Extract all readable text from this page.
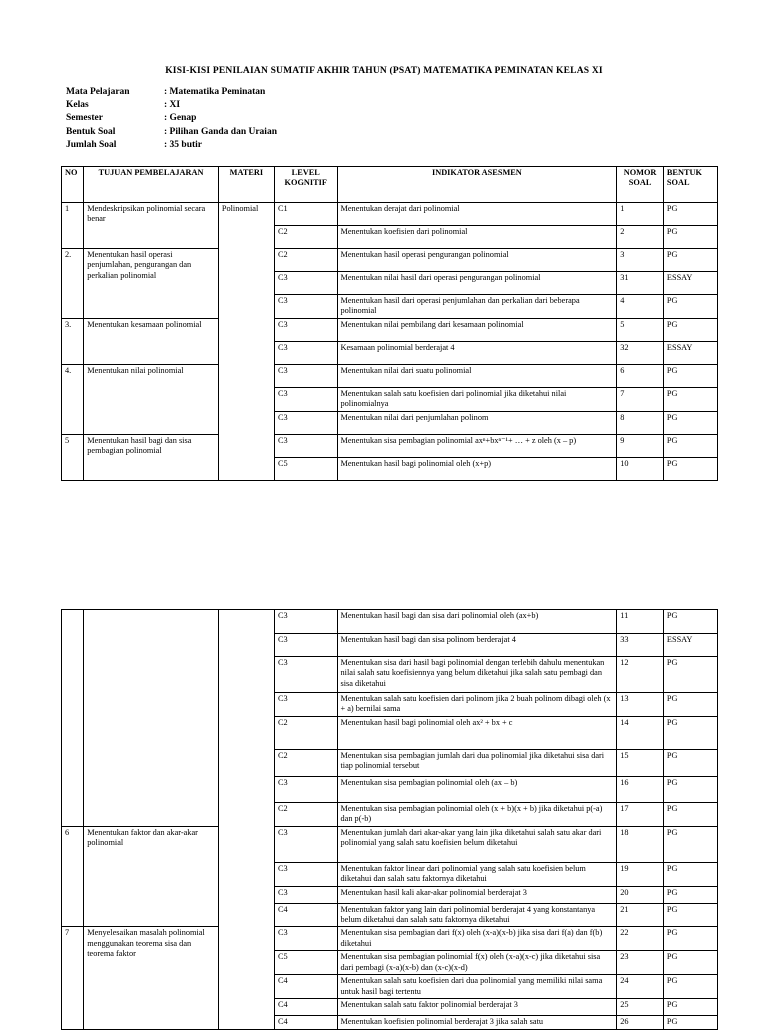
KISI-KISI PENILAIAN SUMATIF AKHIR TAHUN (PSAT) MATEMATIKA PEMINATAN KELAS XI
Mata Pelajaran	: Matematika Peminatan
Kelas	: XI
Semester	: Genap
Bentuk Soal	: Pilihan Ganda dan Uraian
Jumlah Soal	: 35 butir
NO	TUJUAN PEMBELAJARAN	MATERI	LEVEL KOGNITIF	INDIKATOR ASESMEN	NOMOR SOAL	BENTUK SOAL
1	Mendeskripsikan polinomial secara benar	Polinomial	C1	Menentukan derajat dari polinomial	1	PG
			C2	Menentukan koefisien dari polinomial	2	PG
2.	Menentukan hasil operasi penjumlahan, pengurangan dan perkalian polinomial		C2	Menentukan hasil operasi pengurangan polinomial	3	PG
			C3	Menentukan nilai hasil dari operasi pengurangan polinomial	31	ESSAY
			C3	Menentukan hasil dari operasi penjumlahan dan perkalian dari beberapa polinomial	4	PG
3.	Menentukan kesamaan polinomial		C3	Menentukan nilai pembilang dari kesamaan polinomial	5	PG
			C3	Kesamaan polinomial berderajat 4	32	ESSAY
4.	Menentukan nilai polinomial		C3	Menentukan nilai dari suatu polinomial	6	PG
			C3	Menentukan salah satu koefisien dari polinomial jika diketahui nilai polinomialnya	7	PG
			C3	Menentukan nilai dari penjumlahan polinom	8	PG
5	Menentukan hasil bagi dan sisa pembagian polinomial		C3	Menentukan sisa pembagian polinomial axⁿ+bxⁿ⁻¹+ … + z oleh (x – p)	9	PG
			C5	Menentukan hasil bagi polinomial oleh (x+p)	10	PG
			C3	Menentukan hasil bagi dan sisa dari polinomial oleh (ax+b)	11	PG
			C3	Menentukan hasil bagi dan sisa polinom berderajat 4	33	ESSAY
			C3	Menentukan sisa dari hasil bagi polinomial dengan terlebih dahulu menentukan nilai salah satu koefisiennya yang belum diketahui jika salah satu pembagi dan sisa diketahui	12	PG
			C3	Menentukan salah satu koefisien dari polinom jika 2 buah polinom dibagi oleh (x + a) bernilai sama	13	PG
			C2	Menentukan hasil bagi polinomial oleh ax² + bx + c	14	PG
			C2	Menentukan sisa pembagian jumlah dari dua polinomial jika diketahui sisa dari tiap polinomial tersebut	15	PG
			C3	Menentukan sisa pembagian polinomial oleh (ax – b)	16	PG
			C2	Menentukan sisa pembagian polinomial oleh (x + b)(x + b) jika diketahui p(-a) dan p(-b)	17	PG
6	Menentukan faktor dan akar-akar polinomial		C3	Menentukan jumlah dari akar-akar yang lain jika diketahui salah satu akar dari polinomial yang salah satu koefisien belum diketahui	18	PG
			C3	Menentukan faktor linear dari polinomial yang salah satu koefisien belum diketahui dan salah satu faktornya diketahui	19	PG
			C3	Menentukan hasil kali akar-akar polinomial berderajat 3	20	PG
			C4	Menentukan faktor yang lain dari polinomial berderajat 4 yang konstantanya belum diketahui dan salah satu faktornya diketahui	21	PG
7	Menyelesaikan masalah polinomial menggunakan teorema sisa dan teorema faktor		C3	Menentukan sisa pembagian dari f(x) oleh (x-a)(x-b) jika sisa dari f(a) dan f(b) diketahui	22	PG
			C5	Menentukan sisa pembagian polinomial f(x) oleh (x-a)(x-c) jika diketahui sisa dari pembagi (x-a)(x-b) dan (x-c)(x-d)	23	PG
			C4	Menentukan salah satu koefisien dari dua polinomial yang memiliki nilai sama untuk hasil bagi tertentu	24	PG
			C4	Menentukan salah satu faktor polinomial berderajat 3	25	PG
			C4	Menentukan koefisien polinomial berderajat 3 jika salah satu	26	PG
